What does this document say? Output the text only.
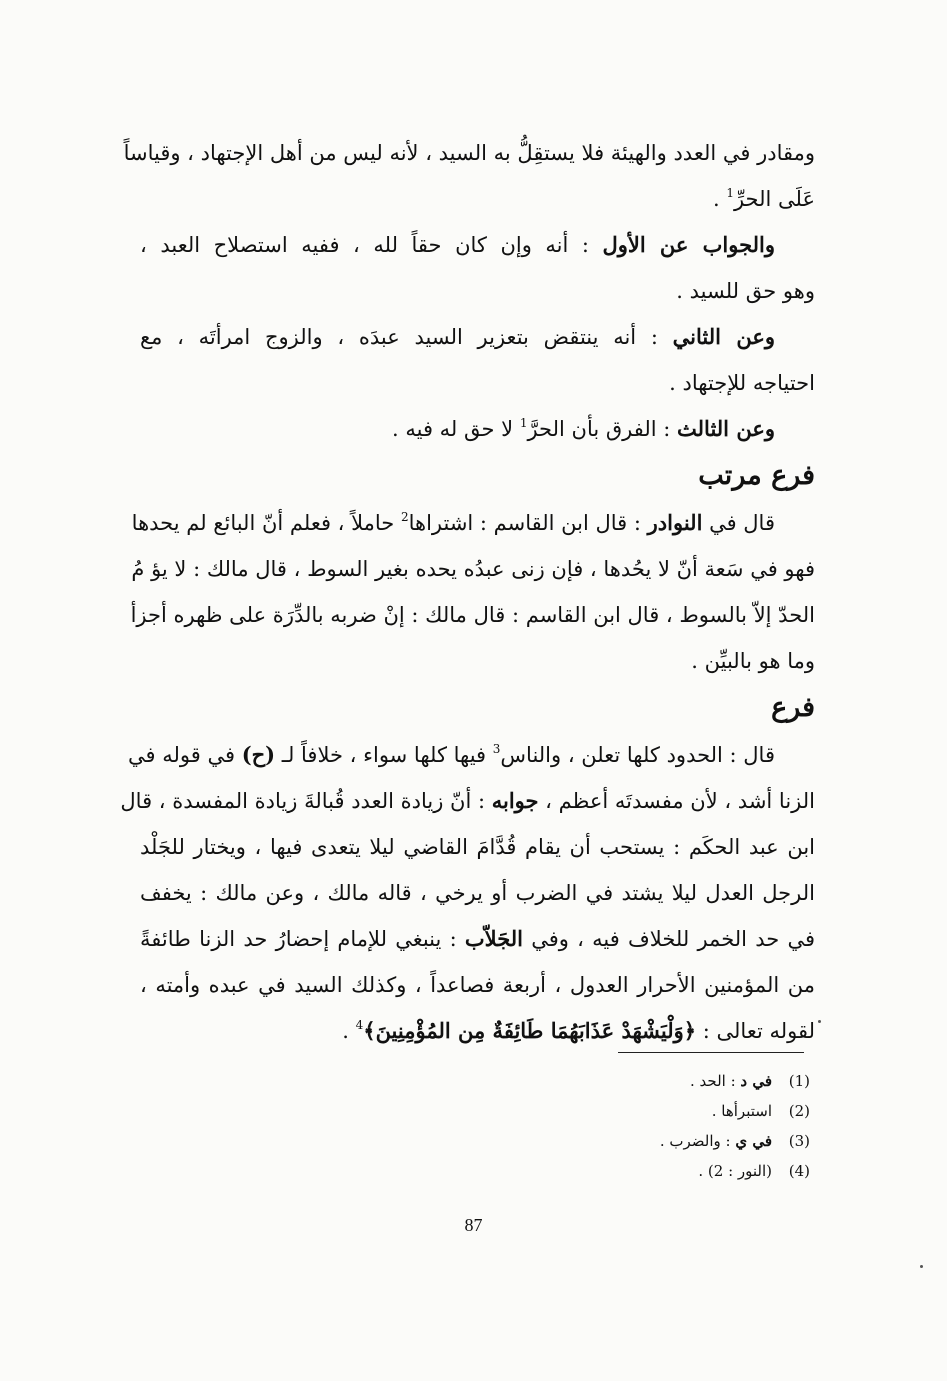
ومقادر في العدد والهيئة فلا يستقِلُّ به السيد ، لأنه ليس من أهل الإجتهاد ، وقياساً
عَلَى الحرِّ$^1$ .
والجواب عن الأول : أنه وإن كان حقاً لله ، ففيه استصلاح العبد ،
وهو حق للسيد .
وعن الثاني : أنه ينتقض بتعزير السيد عبدَه ، والزوج امرأتَه ، مع
احتياجه للإجتهاد .
وعن الثالث : الفرق بأن الحرَّ$^1$ لا حق له فيه .
فرع مرتب
قال في النوادر : قال ابن القاسم : اشتراها$^2$ حاملاً ، فعلم أنّ البائع لم يحدها
فهو في سَعة أنّ لا يحُدها ، فإن زنى عبدُه يحده بغير السوط ، قال مالك : لا يؤ مُ
الحدّ إلاّ بالسوط ، قال ابن القاسم : قال مالك : إنْ ضربه بالدِّرَة على ظهره أجزأ
وما هو بالبيِّن .
فرع
قال : الحدود كلها تعلن ، والناس$^3$ فيها كلها سواء ، خلافاً لـ (ح) في قوله في
الزنا أشد ، لأن مفسدتَه أعظم ، جوابه : أنّ زيادة العدد قُبالةَ زيادة المفسدة ، قال
ابن عبد الحكَم : يستحب أن يقام قُدَّامَ القاضي ليلا يتعدى فيها ، ويختار للجَلْد
الرجل العدل ليلا يشتد في الضرب أو يرخي ، قاله مالك ، وعن مالك : يخفف
في حد الخمر للخلاف فيه ، وفي الجَلاّب : ينبغي للإمام إحضارُ حد الزنا طائفةً
من المؤمنين الأحرار العدول ، أربعة فصاعداً ، وكذلك السيد في عبده وأمته ،
لقوله تعالى : ﴿وَلْيَشْهَدْ عَذَابَهُمَا طَائِفَةٌ مِن المُؤْمِنِينَ﴾$^4$ .
(1)في د : الحد .
(2)استبرأها .
(3)في ي : والضرب .
(4)(النور : 2) .
87
